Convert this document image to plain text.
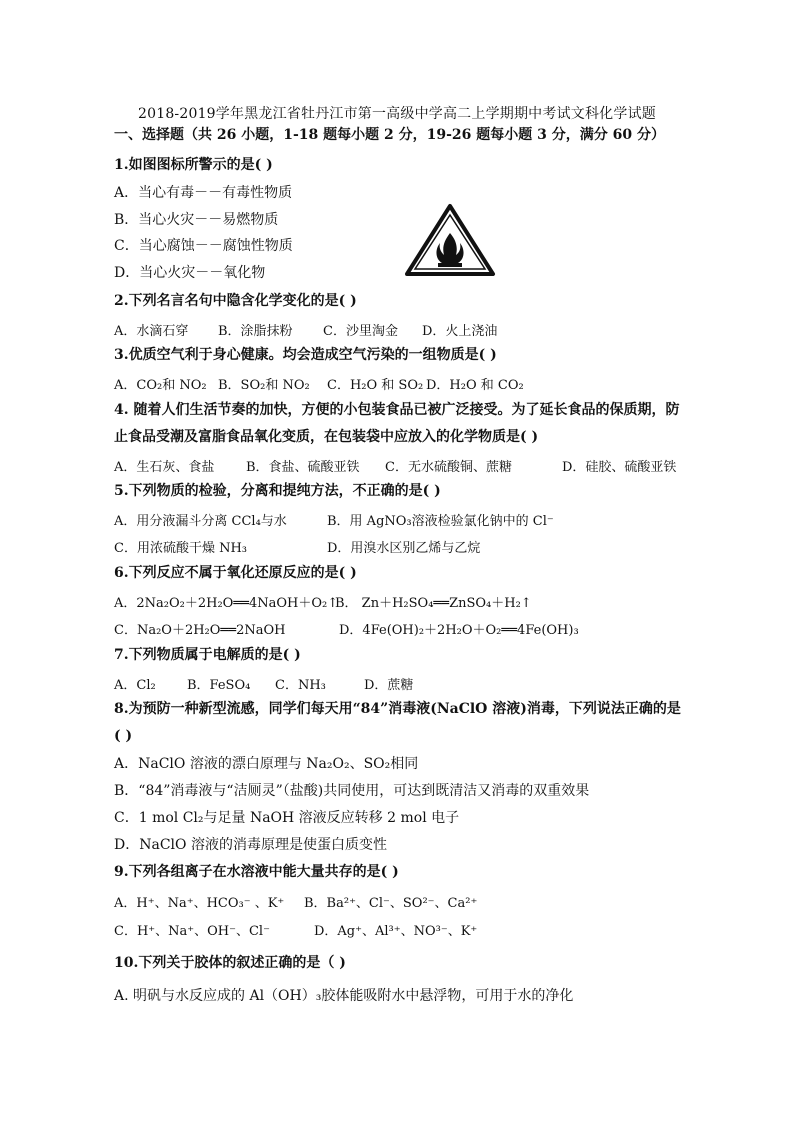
2018-2019学年黑龙江省牡丹江市第一高级中学高二上学期期中考试文科化学试题
一、选择题（共 26 小题，1-18 题每小题 2 分，19-26 题每小题 3 分，满分 60 分）
1.如图图标所警示的是( )
A．当心有毒－－有毒性物质
B．当心火灾－－易燃物质
C．当心腐蚀－－腐蚀性物质
D．当心火灾－－氧化物
2.下列名言名句中隐含化学变化的是( )
A．水滴石穿 B．涂脂抹粉 C．沙里淘金 D．火上浇油
3.优质空气利于身心健康。均会造成空气污染的一组物质是( )
A．CO₂和 NO₂ B．SO₂和 NO₂ C．H₂O 和 SO₂ D．H₂O 和 CO₂
4. 随着人们生活节奏的加快，方便的小包装食品已被广泛接受。为了延长食品的保质期，防
止食品受潮及富脂食品氧化变质，在包装袋中应放入的化学物质是( )
A．生石灰、食盐 B．食盐、硫酸亚铁 C．无水硫酸铜、蔗糖	D．硅胶、硫酸亚铁
5.下列物质的检验，分离和提纯方法，不正确的是( )
A．用分液漏斗分离 CCl₄与水	B．用 AgNO₃溶液检验氯化钠中的 Cl⁻
C．用浓硫酸干燥 NH₃	D．用溴水区别乙烯与乙烷
6.下列反应不属于氧化还原反应的是( )
A．2Na₂O₂＋2H₂O══4NaOH＋O₂↑
B． Zn＋H₂SO₄══ZnSO₄＋H₂↑
C．Na₂O＋2H₂O══2NaOH	D．4Fe(OH)₂＋2H₂O＋O₂══4Fe(OH)₃
7.下列物质属于电解质的是( )
A．Cl₂ B．FeSO₄ C．NH₃	D．蔗糖
8.为预防一种新型流感，同学们每天用“84”消毒液(NaClO 溶液)消毒，下列说法正确的是
( )
A．NaClO 溶液的漂白原理与 Na₂O₂、SO₂相同
B．“84”消毒液与“洁厕灵”（盐酸)共同使用，可达到既清洁又消毒的双重效果
C．1 mol Cl₂与足量 NaOH 溶液反应转移 2 mol 电子
D．NaClO 溶液的消毒原理是使蛋白质变性
9.下列各组离子在水溶液中能大量共存的是( )
A．H⁺、Na⁺、HCO₃⁻ 、K⁺ B．Ba²⁺、Cl⁻、SO²⁻、Ca²⁺
C．H⁺、Na⁺、OH⁻、Cl⁻	D．Ag⁺、Al³⁺、NO³⁻、K⁺
10.下列关于胶体的叙述正确的是（ )
A. 明矾与水反应成的 Al（OH）₃胶体能吸附水中悬浮物，可用于水的净化
